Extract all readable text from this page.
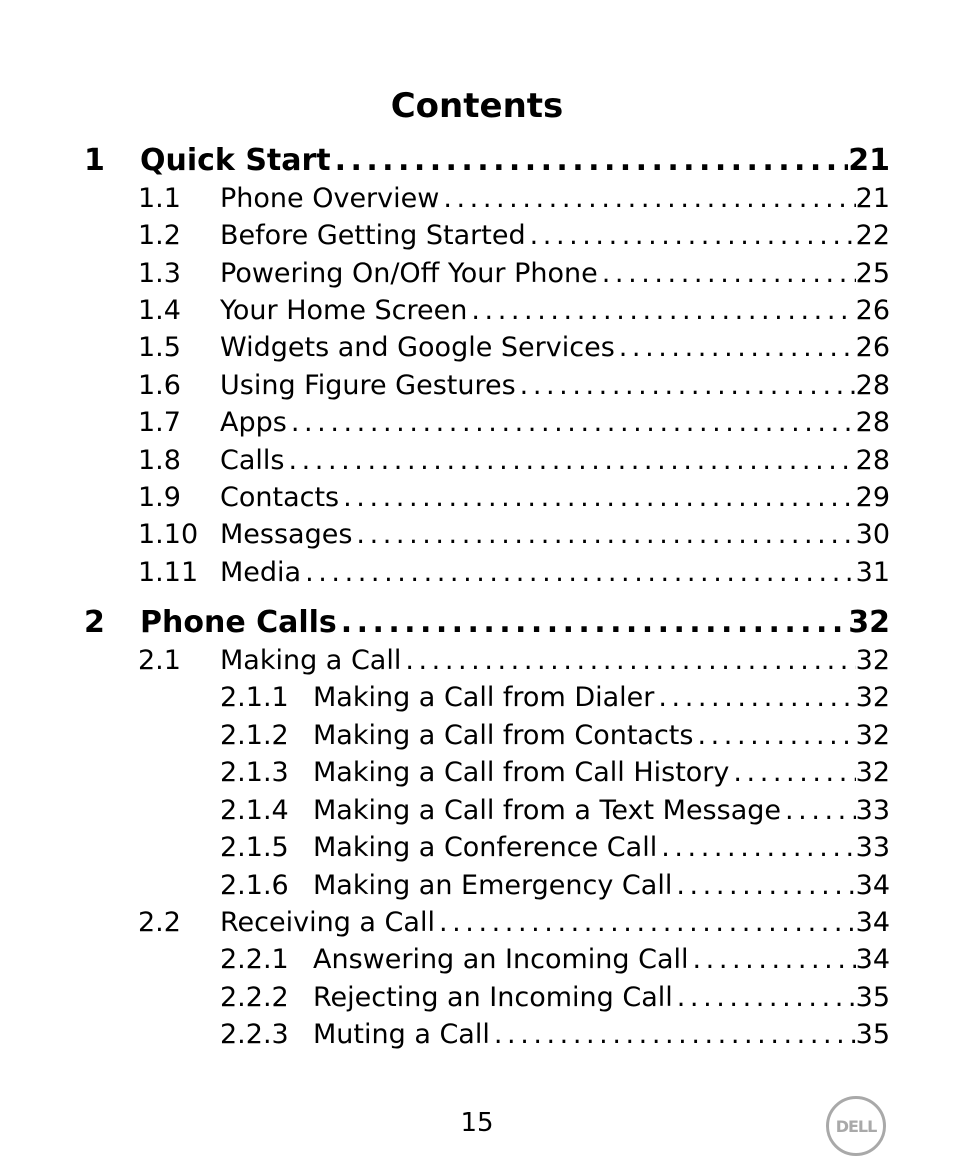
Contents
1	Quick Start . . .	21
1.1	Phone Overview . . .	21
1.2	Before Getting Started . . .	22
1.3	Powering On/Off Your Phone . . .	25
1.4	Your Home Screen . . .	26
1.5	Widgets and Google Services . . .	26
1.6	Using Figure Gestures . . .	28
1.7	Apps . . .	28
1.8	Calls . . .	28
1.9	Contacts . . .	29
1.10 Messages . . .	30
1.11 Media . . .	31
2	Phone Calls . . .	32
2.1	Making a Call . . .	32
2.1.1 Making a Call from Dialer . . .	32
2.1.2 Making a Call from Contacts . . .	32
2.1.3 Making a Call from Call History . . .	32
2.1.4 Making a Call from a Text Message . . .	33
2.1.5 Making a Conference Call . . .	33
2.1.6 Making an Emergency Call . . .	34
2.2	Receiving a Call . . .	34
2.2.1 Answering an Incoming Call . . .	34
2.2.2 Rejecting an Incoming Call . . .	35
2.2.3 Muting a Call . . .	35
15	DELL
